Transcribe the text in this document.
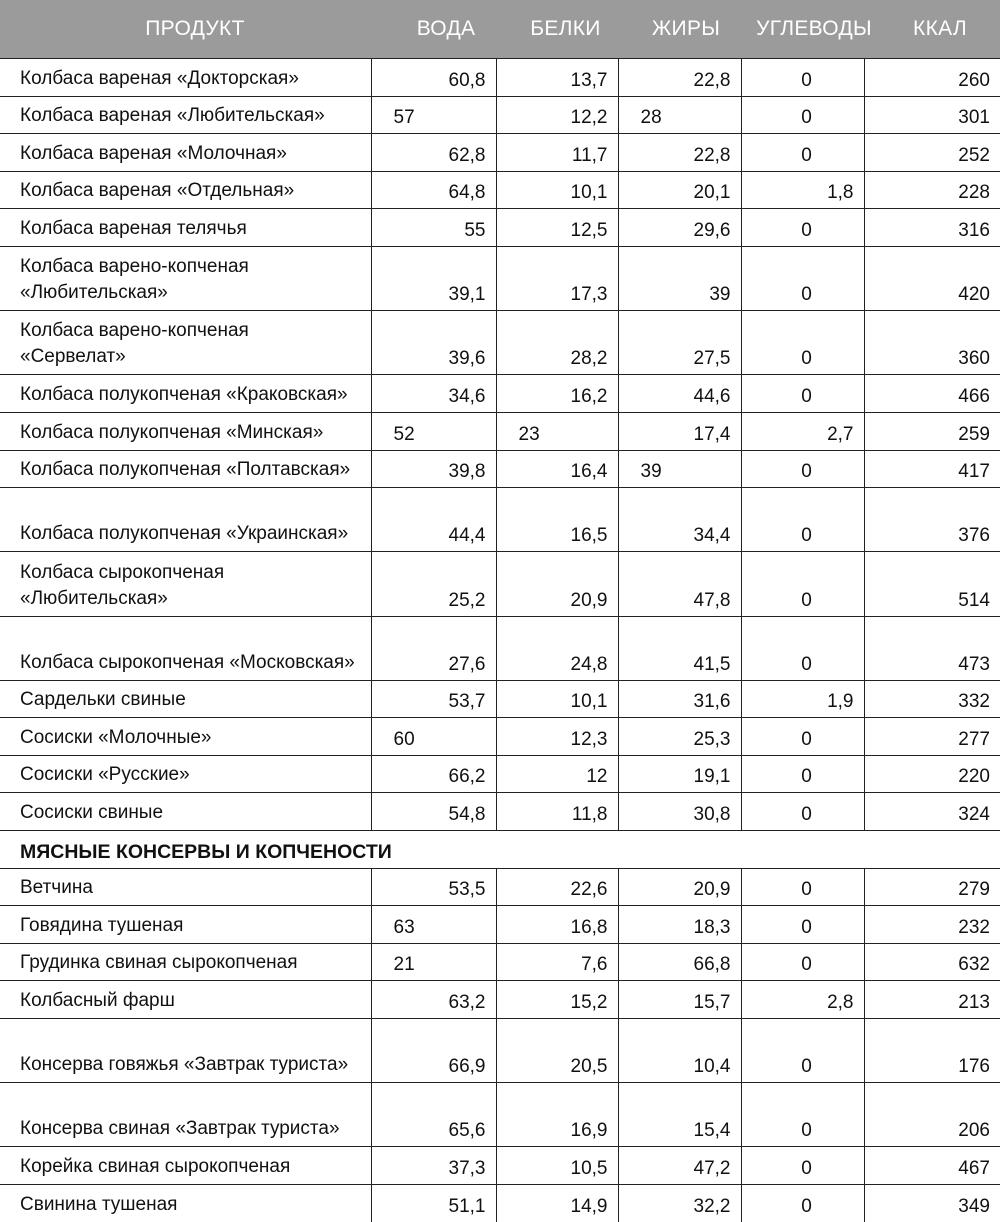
ПРОДУКТ	ВОДА	БЕЛКИ	ЖИРЫ	УГЛЕВОДЫ	ККАЛ
Колбаса вареная «Докторская»	60,8	13,7	22,8	0	260
Колбаса вареная «Любительская»	57	12,2	28	0	301
Колбаса вареная «Молочная»	62,8	11,7	22,8	0	252
Колбаса вареная «Отдельная»	64,8	10,1	20,1	1,8	228
Колбаса вареная телячья	55	12,5	29,6	0	316
Колбаса варено-копченая «Любительская»	39,1	17,3	39	0	420
Колбаса варено-копченая «Сервелат»	39,6	28,2	27,5	0	360
Колбаса полукопченая «Краковская»	34,6	16,2	44,6	0	466
Колбаса полукопченая «Минская»	52	23	17,4	2,7	259
Колбаса полукопченая «Полтавская»	39,8	16,4	39	0	417
Колбаса полукопченая «Украинская»	44,4	16,5	34,4	0	376
Колбаса сырокопченая «Любительская»	25,2	20,9	47,8	0	514
Колбаса сырокопченая «Московская»	27,6	24,8	41,5	0	473
Сардельки свиные	53,7	10,1	31,6	1,9	332
Сосиски «Молочные»	60	12,3	25,3	0	277
Сосиски «Русские»	66,2	12	19,1	0	220
Сосиски свиные	54,8	11,8	30,8	0	324
МЯСНЫЕ КОНСЕРВЫ И КОПЧЕНОСТИ					
Ветчина	53,5	22,6	20,9	0	279
Говядина тушеная	63	16,8	18,3	0	232
Грудинка свиная сырокопченая	21	7,6	66,8	0	632
Колбасный фарш	63,2	15,2	15,7	2,8	213
Консерва говяжья «Завтрак туриста»	66,9	20,5	10,4	0	176
Консерва свиная «Завтрак туриста»	65,6	16,9	15,4	0	206
Корейка свиная сырокопченая	37,3	10,5	47,2	0	467
Свинина тушеная	51,1	14,9	32,2	0	349
